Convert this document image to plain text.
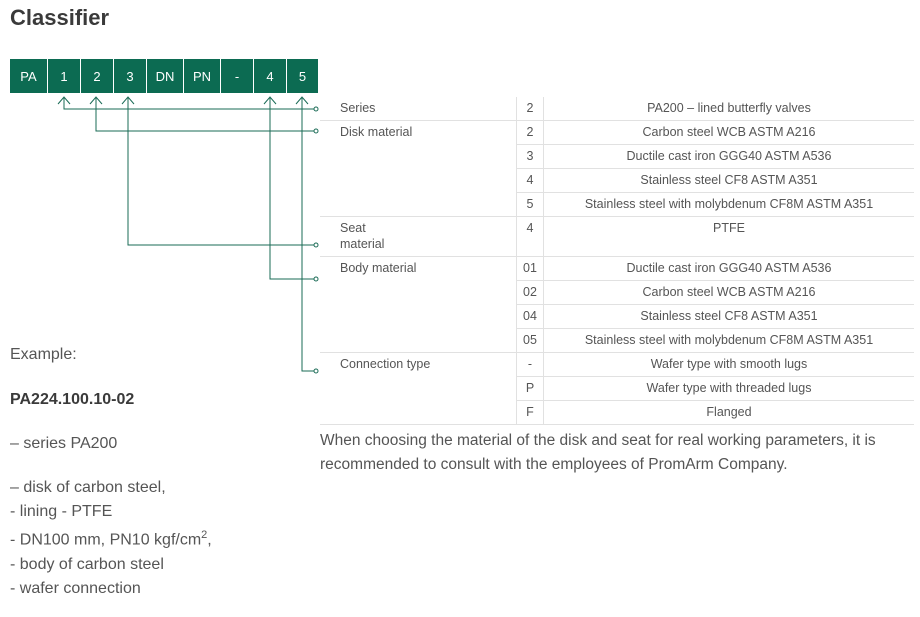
Classifier
PA	1	2	3	DN	PN	-	4	5
Series	2	PA200 – lined butterfly valves
Disk material	2	Carbon steel WCB ASTM A216
	3	Ductile cast iron GGG40 ASTM A536
	4	Stainless steel CF8 ASTM A351
	5	Stainless steel with molybdenum CF8M ASTM A351
Seat material	4	PTFE
Body material	01	Ductile cast iron GGG40 ASTM A536
	02	Carbon steel WCB ASTM A216
	04	Stainless steel CF8 ASTM A351
	05	Stainless steel with molybdenum CF8M ASTM A351
Connection type	-	Wafer type with smooth lugs
	P	Wafer type with threaded lugs
	F	Flanged

When choosing the material of the disk and seat for real working parameters, it is recommended to consult with the employees of PromArm Company.

Example:
PA224.100.10-02
– series PA200
– disk of carbon steel,
- lining - PTFE
- DN100 mm, PN10 kgf/$cm^2$,
- body of carbon steel
- wafer connection
